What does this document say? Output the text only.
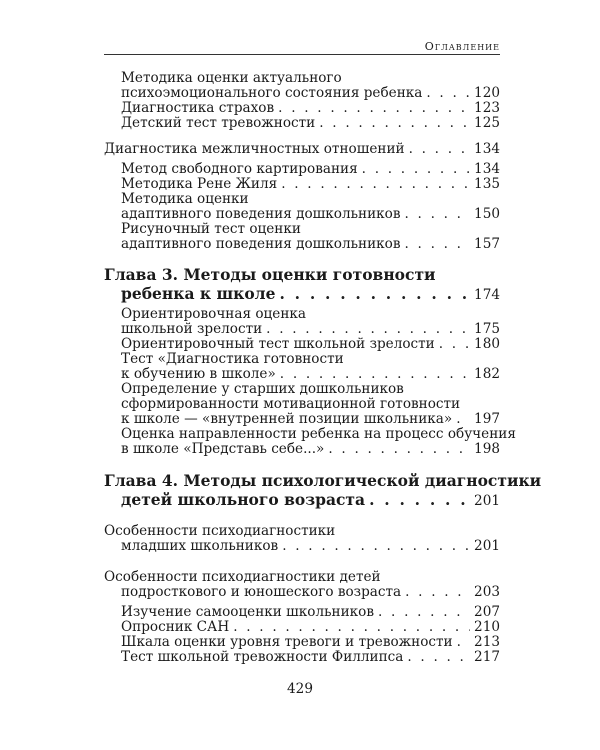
Оглавление
Методика оценки актуального
психоэмоционального состояния ребенка . . .	120
Диагностика страхов . . .	123
Детский тест тревожности . . .	125
Диагностика межличностных отношений . . .	134
Метод свободного картирования . . .	134
Методика Рене Жиля . . .	135
Методика оценки
адаптивного поведения дошкольников . . .	150
Рисуночный тест оценки
адаптивного поведения дошкольников . . .	157
Глава 3. Методы оценки готовности
ребенка к школе . . .	174
Ориентировочная оценка
школьной зрелости . . .	175
Ориентировочный тест школьной зрелости . . .	180
Тест «Диагностика готовности
к обучению в школе» . . .	182
Определение у старших дошкольников
сформированности мотивационной готовности
к школе — «внутренней позиции школьника» . . . 197
Оценка направленности ребенка на процесс обучения
в школе «Представь себе...» . . .	198
Глава 4. Методы психологической диагностики
детей школьного возраста . . .	201
Особенности психодиагностики
младших школьников . . .	201
Особенности психодиагностики детей
подросткового и юношеского возраста . . .	203
Изучение самооценки школьников . . .	207
Опросник САН . . .	210
Шкала оценки уровня тревоги и тревожности . . . 213
Тест школьной тревожности Филлипса . . .	217
429
